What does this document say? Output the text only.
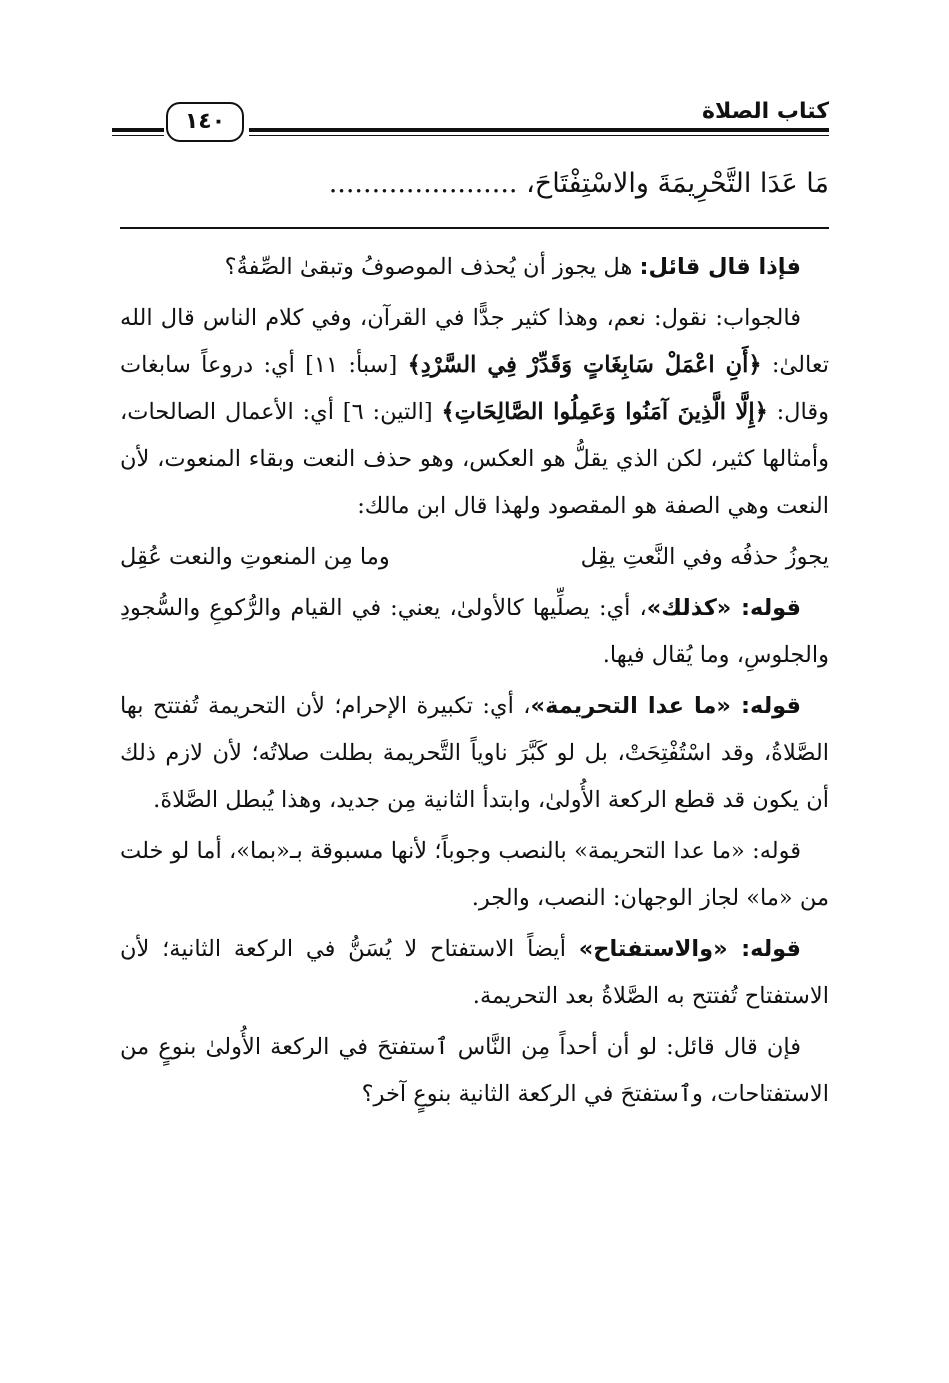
١٤٠	كتاب الصلاة
مَا عَدَا التَّحْرِيمَةَ والاسْتِفْتَاحَ، ......................

فإذا قال قائل: هل يجوز أن يُحذف الموصوفُ وتبقىٰ الصِّفةُ؟

فالجواب: نقول: نعم، وهذا كثير جدًّا في القرآن، وفي كلام الناس قال الله تعالىٰ: ﴿أَنِ اعْمَلْ سَابِغَاتٍ وَقَدِّرْ فِي السَّرْدِ﴾ [سبأ: ١١] أي: دروعاً سابغات وقال: ﴿إِلَّا الَّذِينَ آمَنُوا وَعَمِلُوا الصَّالِحَاتِ﴾ [التين: ٦] أي: الأعمال الصالحات، وأمثالها كثير، لكن الذي يقلُّ هو العكس، وهو حذف النعت وبقاء المنعوت، لأن النعت وهي الصفة هو المقصود ولهذا قال ابن مالك:

يجوزُ حذفُه وفي النَّعتِ يقِل
وما مِن المنعوتِ والنعت عُقِل

قوله: «كذلك»، أي: يصلِّيها كالأولىٰ، يعني: في القيام والرُّكوعِ والسُّجودِ والجلوسِ، وما يُقال فيها.

قوله: «ما عدا التحريمة»، أي: تكبيرة الإحرام؛ لأن التحريمة تُفتتح بها الصَّلاةُ، وقد اسْتُفْتِحَتْ، بل لو كَبَّرَ ناوياً التَّحريمة بطلت صلاتُه؛ لأن لازم ذلك أن يكون قد قطع الركعة الأُولىٰ، وابتدأ الثانية مِن جديد، وهذا يُبطل الصَّلاةَ.

قوله: «ما عدا التحريمة» بالنصب وجوباً؛ لأنها مسبوقة بـ«بما»، أما لو خلت من «ما» لجاز الوجهان: النصب، والجر.

قوله: «والاستفتاح» أيضاً الاستفتاح لا يُسَنُّ في الركعة الثانية؛ لأن الاستفتاح تُفتتح به الصَّلاةُ بعد التحريمة.

فإن قال قائل: لو أن أحداً مِن النَّاس ٱستفتحَ في الركعة الأُولىٰ بنوعٍ من الاستفتاحات، وٱستفتحَ في الركعة الثانية بنوعٍ آخر؟
